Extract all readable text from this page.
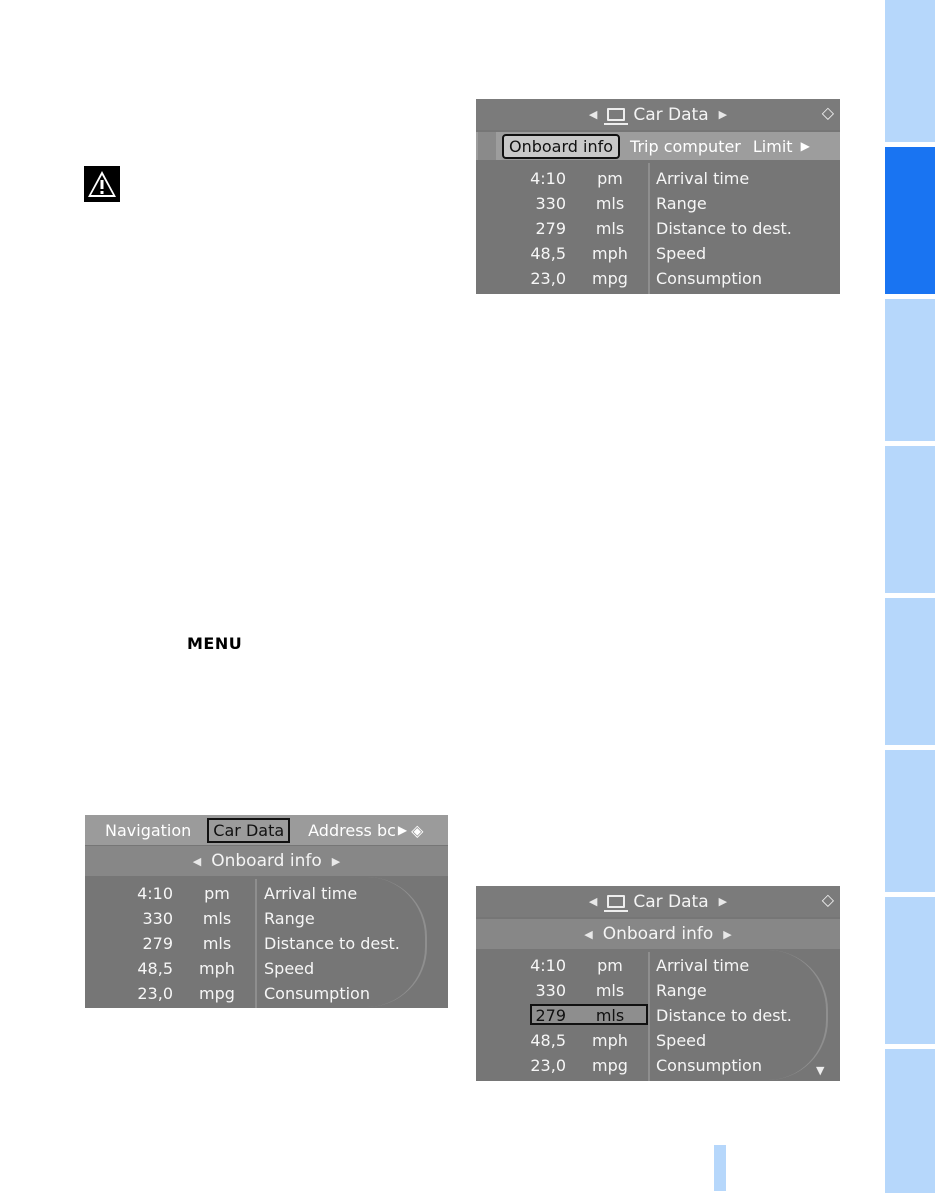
MENU
◀ Car Data ▶	◇
Onboard info	Trip computer Limit ▶
4:10	pm	Arrival time
330	mls	Range
279	mls	Distance to dest.
48,5 mph Speed
23,0 mpg Consumption
Navigation	Car Data	Address bc ▶ ◈
◀ Onboard info ▶
4:10	pm	Arrival time
330	mls	Range
279	mls	Distance to dest.
48,5 mph Speed
23,0 mpg Consumption
◀ Car Data ▶	◇
◀ Onboard info ▶
▼
4:10	pm	Arrival time
330	mls	Range
279	mls	Distance to dest.
48,5 mph Speed
23,0 mpg Consumption
